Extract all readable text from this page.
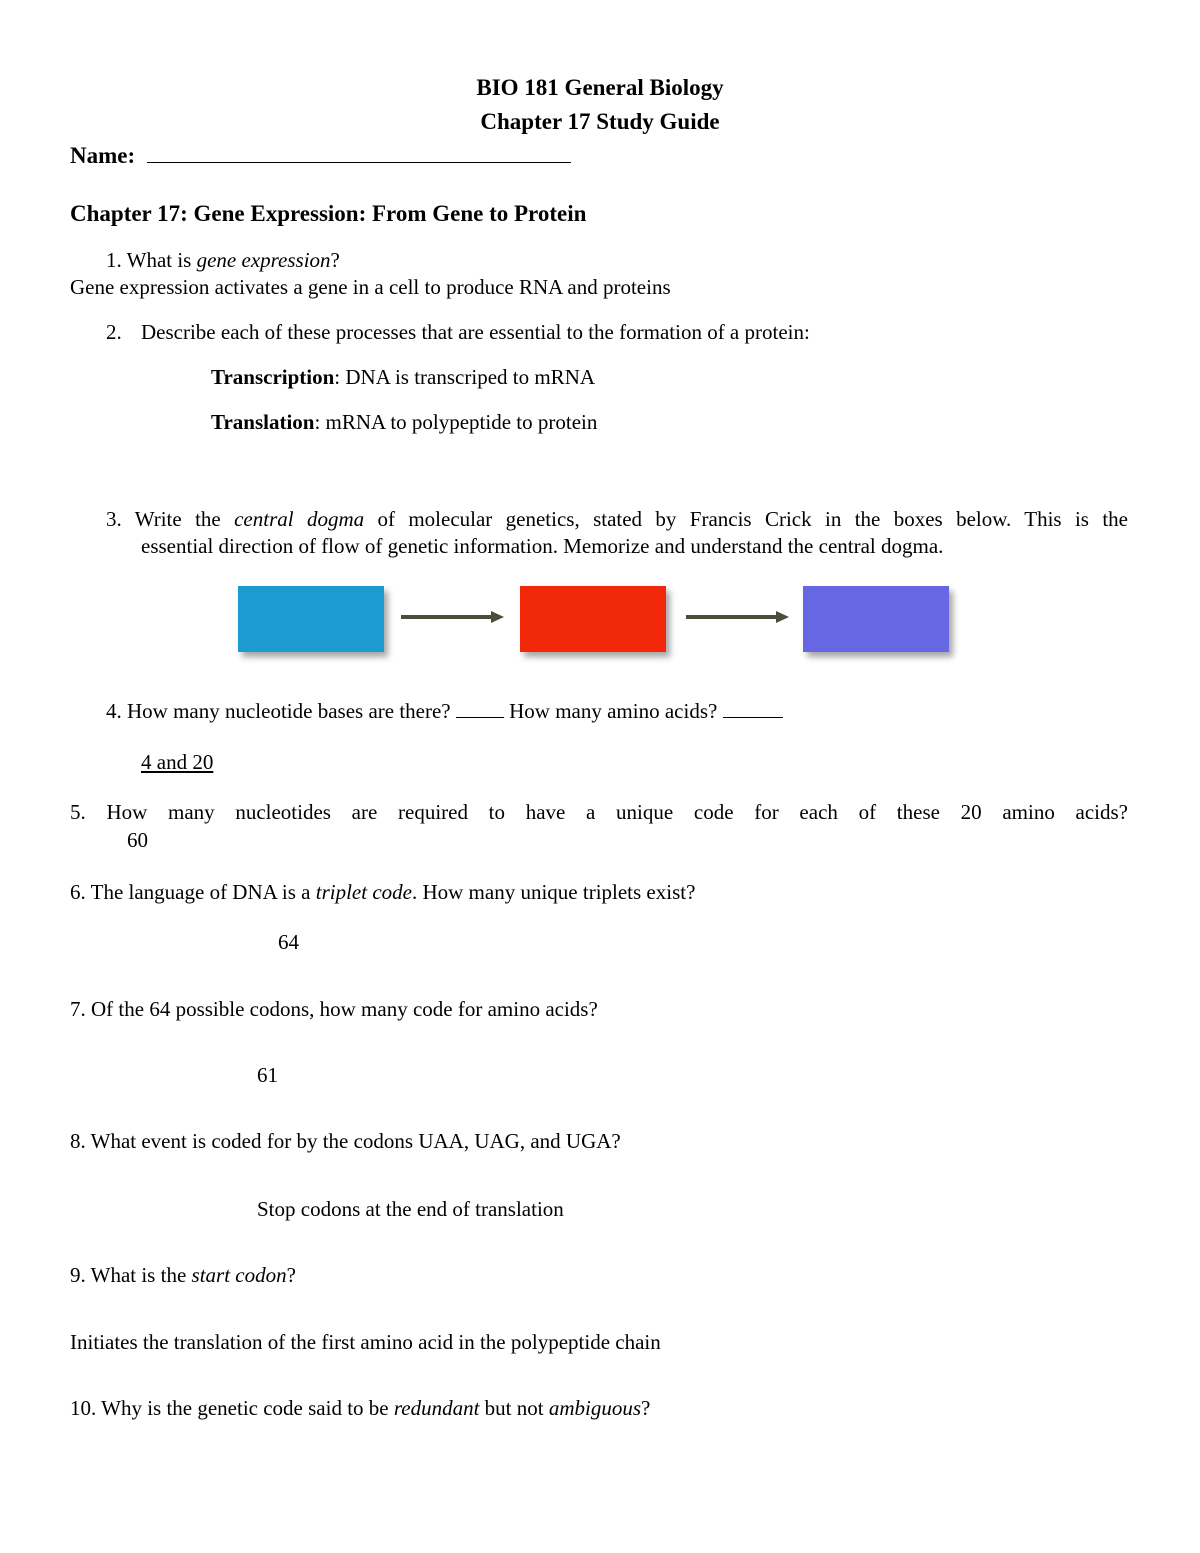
BIO 181 General Biology
Chapter 17 Study Guide
Name:
Chapter 17: Gene Expression: From Gene to Protein
1. What is gene expression?
Gene expression activates a gene in a cell to produce RNA and proteins
2. Describe each of these processes that are essential to the formation of a protein:
Transcription: DNA is transcriped to mRNA
Translation: mRNA to polypeptide to protein
3. Write the central dogma of molecular genetics, stated by Francis Crick in the boxes below. This is the
essential direction of flow of genetic information. Memorize and understand the central dogma.
4. How many nucleotide bases are there?  How many amino acids?
4 and 20
5. How many nucleotides are required to have a unique code for each of these 20 amino acids?
60
6. The language of DNA is a triplet code. How many unique triplets exist?
64
7. Of the 64 possible codons, how many code for amino acids?
61
8. What event is coded for by the codons UAA, UAG, and UGA?
Stop codons at the end of translation
9. What is the start codon?
Initiates the translation of the first amino acid in the polypeptide chain
10. Why is the genetic code said to be redundant but not ambiguous?
